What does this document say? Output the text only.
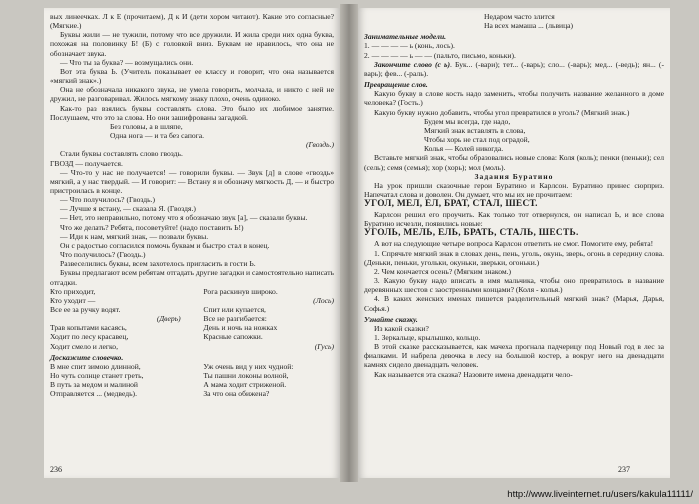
вых линеечках. Л к Е (прочитаем), Д к И (дети хором читают). Какие это согласные? (Мягкие.)

Буквы жили — не тужили, потому что все дружили. И жила среди них одна буква, похожая на половинку Б! (Б) с головкой вниз. Буквам не нравилось, что она не обозначает звука.

— Что ты за буква? — возмущались они.

Вот эта буква Ь. (Учитель показывает ее классу и говорит, что она называется «мягкий знак».)

Она не обозначала никакого звука, не умела говорить, молчала, и никто с ней не дружил, не разговаривал. Жилось мягкому знаку плохо, очень одиноко.

Как-то раз взялись буквы составлять слова. Это было их любимое занятие. Послушаем, что это за слова. Но они зашифрованы загадкой.

Без головы, а в шляпе,
Одна нога — и та без сапога.
(Гвоздь.)

Стали буквы составлять слово гвоздь.

ГВОЗД — получается.

— Что-то у нас не получается! — говорили буквы. — Звук [д] в слове «гвоздь» мягкий, а у нас твердый. — И говорит: — Встану я и обозначу мягкость Д, — и быстро пристроилась в конце.

— Что получилось? (Гвоздь.)

— Лучше я встану, — сказала Я. (Гвоздя.)

— Нет, это неправильно, потому что я обозначаю звук [а], — сказали буквы.

Что же делать? Ребята, посоветуйте! (надо поставить Ь!)

— Иди к нам, мягкий знак, — позвали буквы.

Он с радостью согласился помочь буквам и быстро стал в конец.

Что получилось? (Гвоздь.)

Развеселились буквы, всем захотелось пригласить в гости Ь.

Буквы предлагают всем ребятам отгадать другие загадки и самостоятельно написать отгадки.

Кто приходит,
Кто уходит —
Все ее за ручку водят.
(Дверь)
Трав копытами касаясь,
Ходит по лесу красавец,
Ходит смело и легко,
Рога раскинув широко.
(Лось)
Спит или купается,
Все не разгибается:
День и ночь на ножках
Красные сапожки.
(Гусь)
Доскажите словечко.
В мне спит зимою длинной,
Но чуть солнце станет греть,
В путь за медом и малиной
Отправляется ... (медведь).
Уж очень вид у них чудной:
Ты пашни локоны волной,
А мама ходит стриженой.
За что она обижена?
236
Недаром часто злится
На всех мамаша ... (львица)
Занимательные модели.

1. — — — — ь (конь, лось).

2. — — — — ь — — (пальто, письмо, коньки).

Закончите слово (с ь). Бук... (-вари); тет... (-варь); сло... (-варь); мед... (-ведь); ян... (-варь); фев... (-раль).

Превращение слов.

Какую букву в слове кость надо заменить, чтобы получить название желанного в доме человека? (Гость.)

Какую букву нужно добавить, чтобы угол превратился в уголь? (Мягкий знак.)

Будем мы всегда, где надо,
Мягкий знак вставлять в слова,
Чтобы хорь не стал под оградой,
Колья — Колей никогда.

Вставьте мягкий знак, чтобы образовались новые слова: Коля (коль); пенки (пеньки); сел (сель); семя (семья); хор (хорь); мол (моль).

Задания Буратино

На урок пришли сказочные герои Буратино и Карлсон. Буратино принес сюрприз. Напечатал слова и доволен. Он думает, что мы их не прочитаем:

УГОЛ, МЕЛ, ЕЛ, БРАТ, СТАЛ, ШЕСТ.

Карлсон решил его проучить. Как только тот отвернулся, он написал Ь, и все слова Буратино исчезли, появились новые:

УГОЛЬ, МЕЛЬ, ЕЛЬ, БРАТЬ, СТАЛЬ, ШЕСТЬ.

А вот на следующие четыре вопроса Карлсон ответить не смог. Помогите ему, ребята!

1. Спрячьте мягкий знак в словах день, пень, уголь, окунь, зверь, огонь в середину слова. (Деньки, пеньки, угольки, окуньки, зверьки, огоньки.)

2. Чем кончается осень? (Мягким знаком.)

3. Какую букву надо вписать в имя мальчика, чтобы оно превратилось в название деревянных шестов с заостренными концами? (Коля - колья.)

4. В каких женских именах пишется разделительный мягкий знак? (Марья, Дарья, Софья.)

Узнайте сказку.

Из какой сказки?

1. Зеркальце, крылышко, кольцо.

В этой сказке рассказывается, как мачеха прогнала падчерицу под Новый год в лес за фиалками. И набрела девочка в лесу на большой костер, а вокруг него на двенадцати камнях сидело двенадцать человек.

Как называется эта сказка? Назовите имена двенадцати чело-

237
http://www.liveinternet.ru/users/kakula11111/
